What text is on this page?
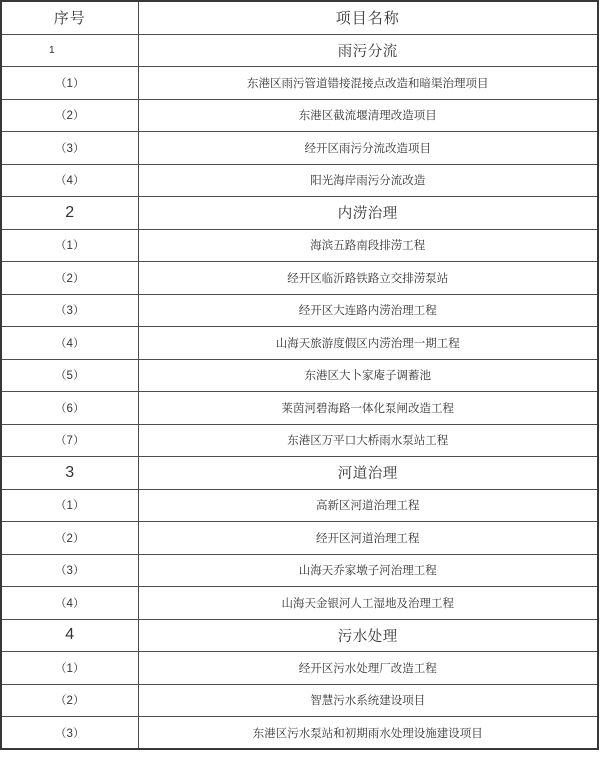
序号	项目名称
1	雨污分流
（1）	东港区雨污管道错接混接点改造和暗渠治理项目
（2）	东港区截流堰清理改造项目
（3）	经开区雨污分流改造项目
（4）	阳光海岸雨污分流改造
2	内涝治理
（1）	海滨五路南段排涝工程
（2）	经开区临沂路铁路立交排涝泵站
（3）	经开区大连路内涝治理工程
（4）	山海天旅游度假区内涝治理一期工程
（5）	东港区大卜家庵子调蓄池
（6）	莱茵河碧海路一体化泵闸改造工程
（7）	东港区万平口大桥雨水泵站工程
3	河道治理
（1）	高新区河道治理工程
（2）	经开区河道治理工程
（3）	山海天乔家墩子河治理工程
（4）	山海天金银河人工湿地及治理工程
4	污水处理
（1）	经开区污水处理厂改造工程
（2）	智慧污水系统建设项目
（3）	东港区污水泵站和初期雨水处理设施建设项目
